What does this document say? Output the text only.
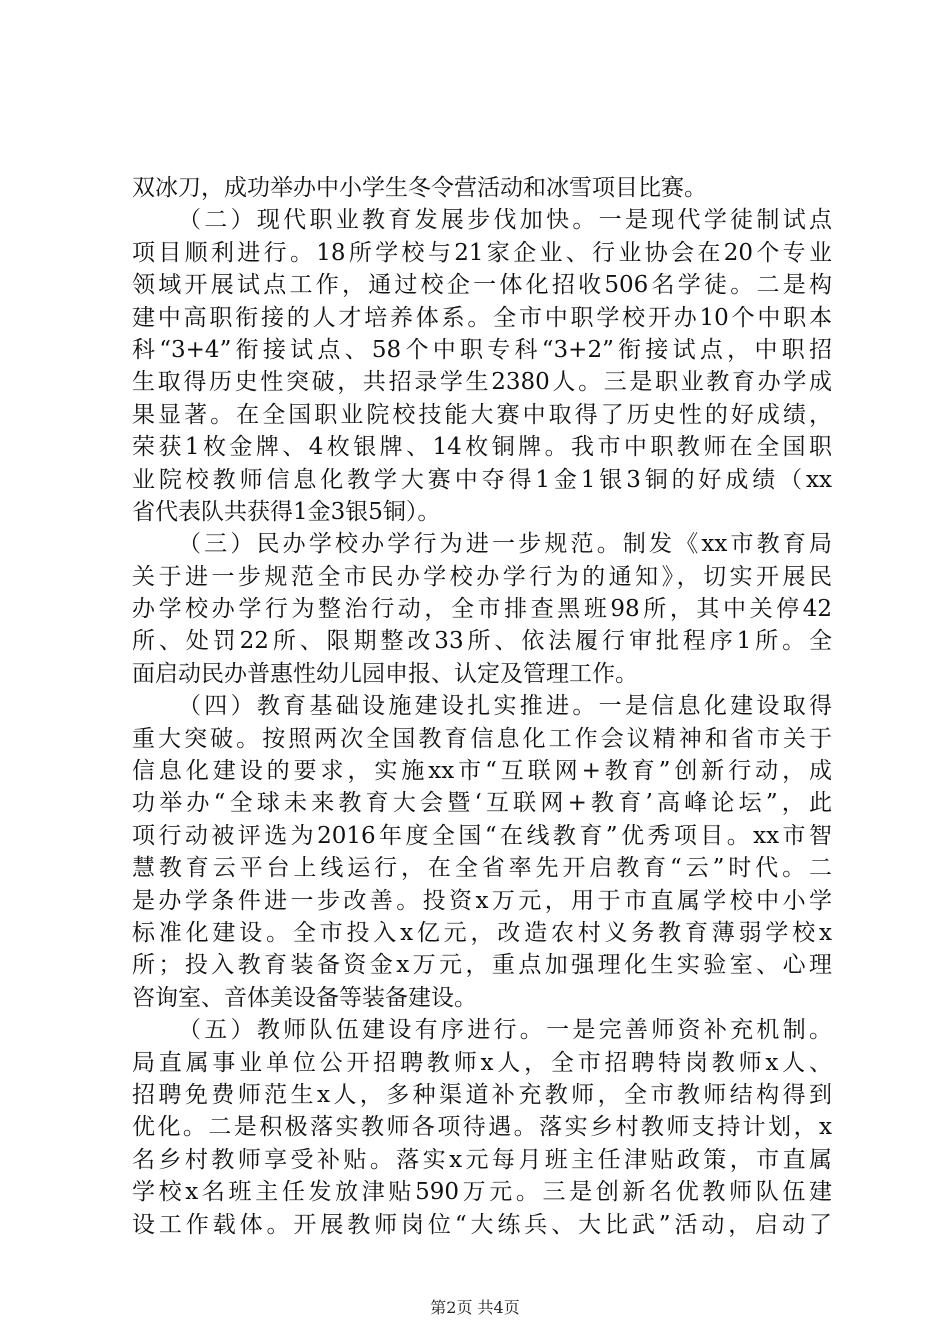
双冰刀，成功举办中小学生冬令营活动和冰雪项目比赛。
（二）现代职业教育发展步伐加快。一是现代学徒制试点
项目顺利进行。18所学校与21家企业、行业协会在20个专业
领域开展试点工作，通过校企一体化招收506名学徒。二是构
建中高职衔接的人才培养体系。全市中职学校开办10个中职本
科“3+4”衔接试点、58个中职专科“3+2”衔接试点，中职招
生取得历史性突破，共招录学生2380人。三是职业教育办学成
果显著。在全国职业院校技能大赛中取得了历史性的好成绩，
荣获1枚金牌、4枚银牌、14枚铜牌。我市中职教师在全国职
业院校教师信息化教学大赛中夺得1金1银3铜的好成绩（xx
省代表队共获得1金3银5铜）。
（三）民办学校办学行为进一步规范。制发《xx市教育局
关于进一步规范全市民办学校办学行为的通知》，切实开展民
办学校办学行为整治行动，全市排查黑班98所，其中关停42
所、处罚22所、限期整改33所、依法履行审批程序1所。全
面启动民办普惠性幼儿园申报、认定及管理工作。
（四）教育基础设施建设扎实推进。一是信息化建设取得
重大突破。按照两次全国教育信息化工作会议精神和省市关于
信息化建设的要求，实施xx市“互联网+教育”创新行动，成
功举办“全球未来教育大会暨‘互联网+教育’高峰论坛”，此
项行动被评选为2016年度全国“在线教育”优秀项目。xx市智
慧教育云平台上线运行，在全省率先开启教育“云”时代。二
是办学条件进一步改善。投资x万元，用于市直属学校中小学
标准化建设。全市投入x亿元，改造农村义务教育薄弱学校x
所；投入教育装备资金x万元，重点加强理化生实验室、心理
咨询室、音体美设备等装备建设。
（五）教师队伍建设有序进行。一是完善师资补充机制。
局直属事业单位公开招聘教师x人，全市招聘特岗教师x人、
招聘免费师范生x人，多种渠道补充教师，全市教师结构得到
优化。二是积极落实教师各项待遇。落实乡村教师支持计划，x
名乡村教师享受补贴。落实x元每月班主任津贴政策，市直属
学校x名班主任发放津贴590万元。三是创新名优教师队伍建
设工作载体。开展教师岗位“大练兵、大比武”活动，启动了
第2页 共4页
